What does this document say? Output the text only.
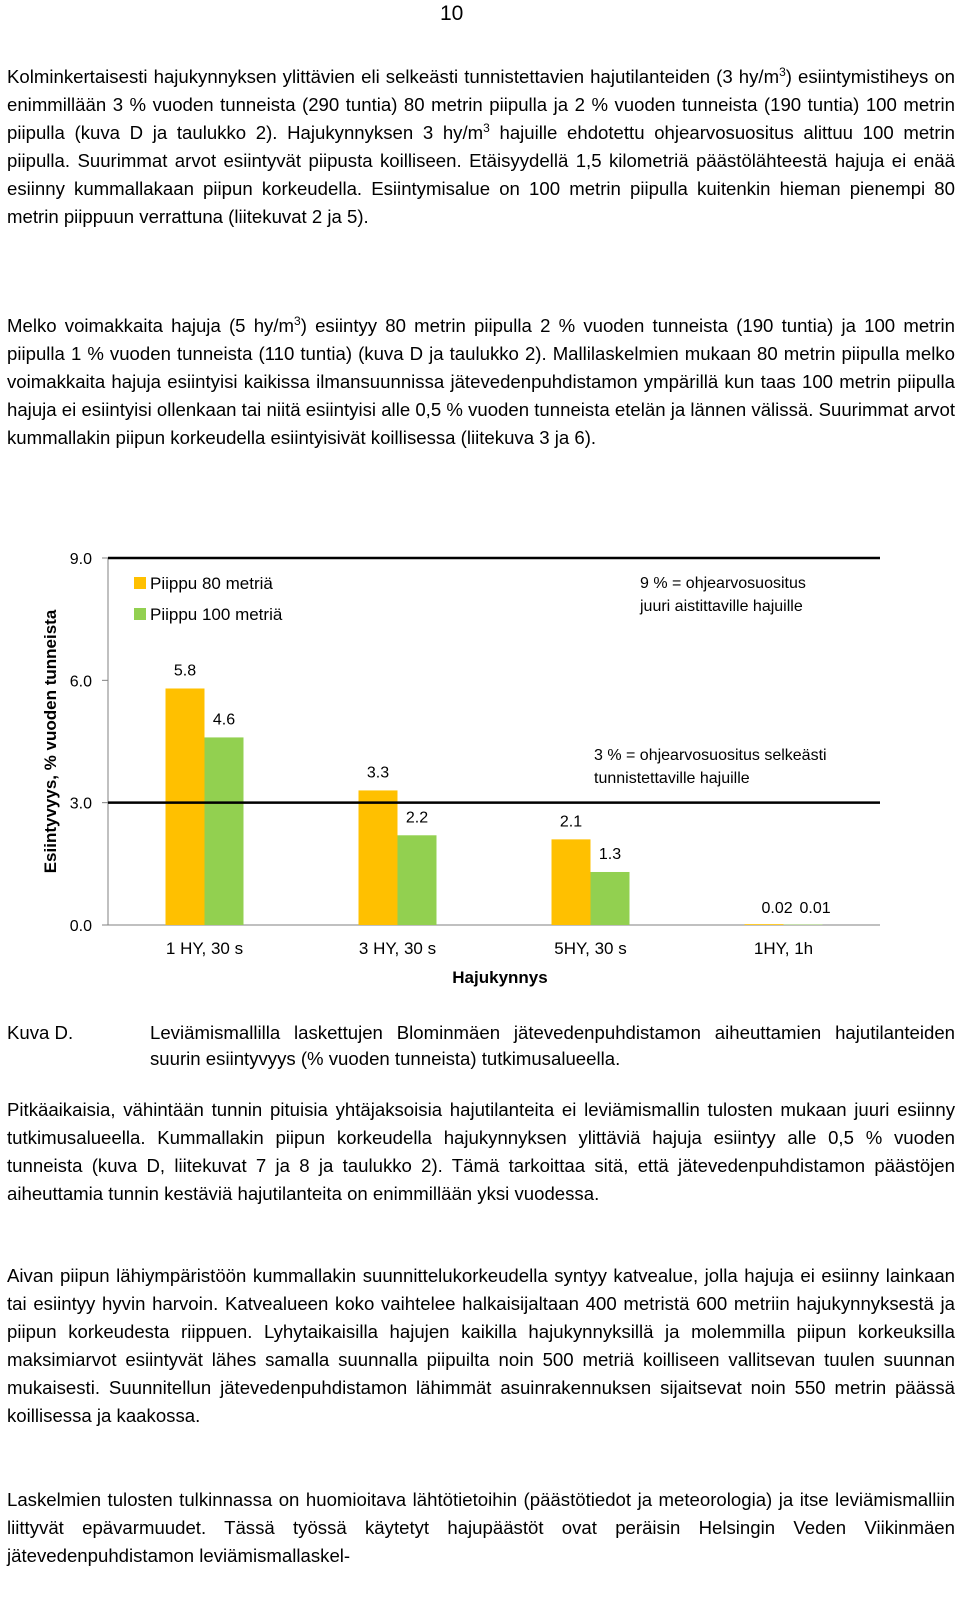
10

Kolminkertaisesti hajukynnyksen ylittävien eli selkeästi tunnistettavien hajutilanteiden (3 $hy/m^3$) esiintymistiheys on enimmillään 3 % vuoden tunneista (290 tuntia) 80 metrin piipulla ja 2 % vuoden tunneista (190 tuntia) 100 metrin piipulla (kuva D ja taulukko 2). Hajukynnyksen 3 $hy/m^3$ hajuille ehdotettu ohjearvosuositus alittuu 100 metrin piipulla. Suurimmat arvot esiintyvät piipusta koilliseen. Etäisyydellä 1,5 kilometriä päästölähteestä hajuja ei enää esiinny kummallakaan piipun korkeudella. Esiintymisalue on 100 metrin piipulla kuitenkin hieman pienempi 80 metrin piippuun verrattuna (liitekuvat 2 ja 5).

Melko voimakkaita hajuja (5 $hy/m^3$) esiintyy 80 metrin piipulla 2 % vuoden tunneista (190 tuntia) ja 100 metrin piipulla 1 % vuoden tunneista (110 tuntia) (kuva D ja taulukko 2). Mallilaskelmien mukaan 80 metrin piipulla melko voimakkaita hajuja esiintyisi kaikissa ilmansuunnissa jätevedenpuhdistamon ympärillä kun taas 100 metrin piipulla hajuja ei esiintyisi ollenkaan tai niitä esiintyisi alle 0,5 % vuoden tunneista etelän ja lännen välissä. Suurimmat arvot kummallakin piipun korkeudella esiintyisivät koillisessa (liitekuva 3 ja 6).

0.0
3.0
6.0
9.0
Esiintyvyys, % vuoden tunneista
1 HY, 30 s	3 HY, 30 s	5HY, 30 s	1HY, 1h
5.8
4.6
3.3
2.2	2.1
1.3
0.02 0.01
9 % = ohjearvosuositus
juuri aistittaville hajuille
3 % = ohjearvosuositus selkeästi
tunnistettaville hajuille
Piippu 80 metriä
Piippu 100 metriä
Hajukynnys
Kuva D.	Leviämismallilla laskettujen Blominmäen jätevedenpuhdistamon aiheuttamien hajutilanteiden suurin esiintyvyys (% vuoden tunneista) tutkimusalueella.

Pitkäaikaisia, vähintään tunnin pituisia yhtäjaksoisia hajutilanteita ei leviämismallin tulosten mukaan juuri esiinny tutkimusalueella. Kummallakin piipun korkeudella hajukynnyksen ylittäviä hajuja esiintyy alle 0,5 % vuoden tunneista (kuva D, liitekuvat 7 ja 8 ja taulukko 2). Tämä tarkoittaa sitä, että jätevedenpuhdistamon päästöjen aiheuttamia tunnin kestäviä hajutilanteita on enimmillään yksi vuodessa.

Aivan piipun lähiympäristöön kummallakin suunnittelukorkeudella syntyy katvealue, jolla hajuja ei esiinny lainkaan tai esiintyy hyvin harvoin. Katvealueen koko vaihtelee halkaisijaltaan 400 metristä 600 metriin hajukynnyksestä ja piipun korkeudesta riippuen. Lyhytaikaisilla hajujen kaikilla hajukynnyksillä ja molemmilla piipun korkeuksilla maksimiarvot esiintyvät lähes samalla suunnalla piipuilta noin 500 metriä koilliseen vallitsevan tuulen suunnan mukaisesti. Suunnitellun jätevedenpuhdistamon lähimmät asuinrakennuksen sijaitsevat noin 550 metrin päässä koillisessa ja kaakossa.

Laskelmien tulosten tulkinnassa on huomioitava lähtötietoihin (päästötiedot ja meteorologia) ja itse leviämismalliin liittyvät epävarmuudet. Tässä työssä käytetyt hajupäästöt ovat peräisin Helsingin Veden Viikinmäen jätevedenpuhdistamon leviämismallaskel-
